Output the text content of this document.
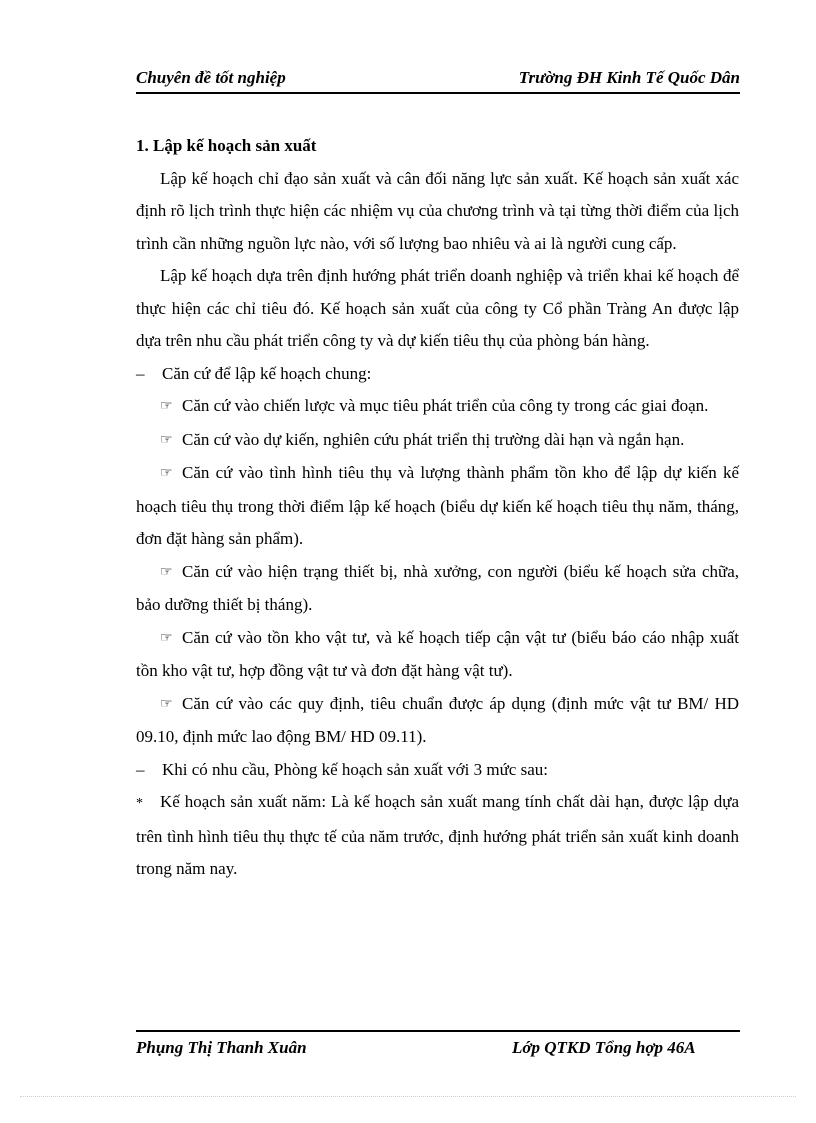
Chuyên đề tốt nghiệp	Trường ĐH Kinh Tế Quốc Dân

1. Lập kế hoạch sản xuất

Lập kế hoạch chỉ đạo sản xuất và cân đối năng lực sản xuất. Kế hoạch sản xuất xác định rõ lịch trình thực hiện các nhiệm vụ của chương trình và tại từng thời điểm của lịch trình cần những nguồn lực nào, với số lượng bao nhiêu và ai là người cung cấp.

Lập kế hoạch dựa trên định hướng phát triển doanh nghiệp và triển khai kế hoạch để thực hiện các chỉ tiêu đó. Kế hoạch sản xuất của công ty Cổ phần Tràng An được lập dựa trên nhu cầu phát triển công ty và dự kiến tiêu thụ của phòng bán hàng.

– Căn cứ để lập kế hoạch chung:

☞ Căn cứ vào chiến lược và mục tiêu phát triển của công ty trong các giai đoạn.

☞ Căn cứ vào dự kiến, nghiên cứu phát triển thị trường dài hạn và ngắn hạn.

☞ Căn cứ vào tình hình tiêu thụ và lượng thành phẩm tồn kho để lập dự kiến kế hoạch tiêu thụ trong thời điểm lập kế hoạch (biểu dự kiến kế hoạch tiêu thụ năm, tháng, đơn đặt hàng sản phẩm).

☞ Căn cứ vào hiện trạng thiết bị, nhà xưởng, con người (biểu kế hoạch sửa chữa, bảo dưỡng thiết bị tháng).

☞ Căn cứ vào tồn kho vật tư, và kế hoạch tiếp cận vật tư (biểu báo cáo nhập xuất tồn kho vật tư, hợp đồng vật tư và đơn đặt hàng vật tư).

☞ Căn cứ vào các quy định, tiêu chuẩn được áp dụng (định mức vật tư BM/ HD 09.10, định mức lao động BM/ HD 09.11).

– Khi có nhu cầu, Phòng kế hoạch sản xuất với 3 mức sau:

* Kế hoạch sản xuất năm: Là kế hoạch sản xuất mang tính chất dài hạn, được lập dựa trên tình hình tiêu thụ thực tế của năm trước, định hướng phát triển sản xuất kinh doanh trong năm nay.

Phụng Thị Thanh Xuân	Lớp QTKD Tổng hợp 46A
